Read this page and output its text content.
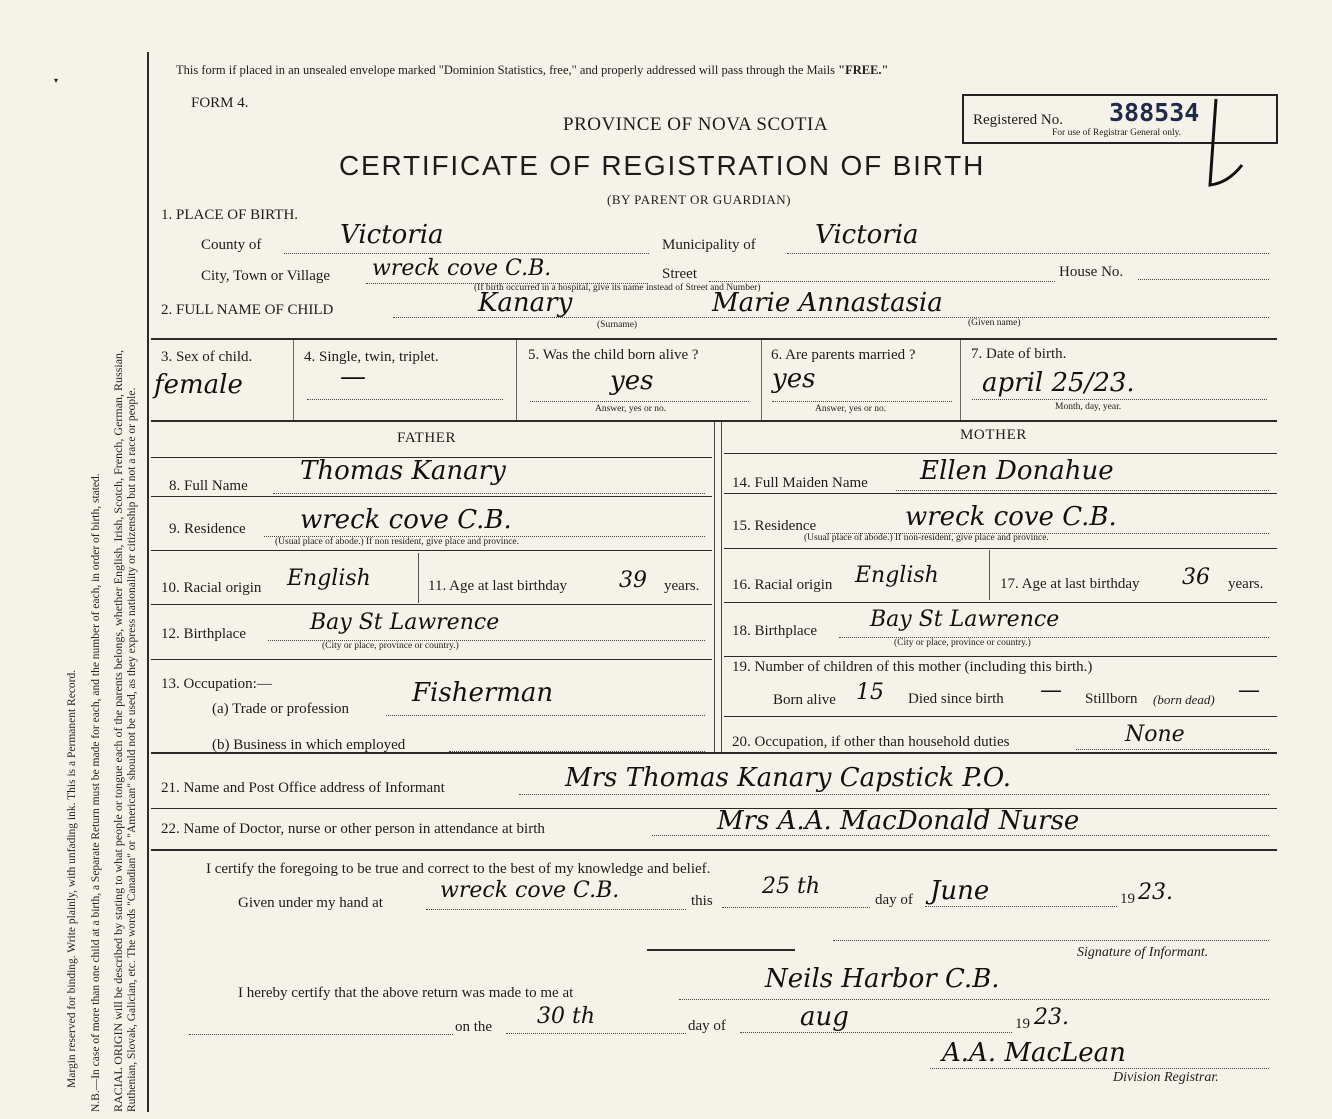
Margin reserved for binding. Write plainly, with unfading ink. This is a Permanent Record. N.B.—In case of more than one child at a birth, a Separate Return must be made for each, and the number of each, in order of birth, stated. RACIAL ORIGIN will be described by stating to what people or tongue each of the parents belongs, whether English, Irish, Scotch, French, German, Russian, Ruthenian, Slovak, Galician, etc. The words "Canadian" or "American" should not be used, as they express nationality or citizenship but not a race or people.
▾
This form if placed in an unsealed envelope marked "Dominion Statistics, free," and properly addressed will pass through the Mails "FREE."
FORM 4.
PROVINCE OF NOVA SCOTIA
CERTIFICATE OF REGISTRATION OF BIRTH
(BY PARENT OR GUARDIAN)
Registered No. 388534
For use of Registrar General only.
1. PLACE OF BIRTH.
County of	Victoria	Municipality of Victoria
City, Town or Village wreck cove C.B.	Street	House No.
(If birth occurred in a hospital, give its name instead of Street and Number)
2. FULL NAME OF CHILD	Kanary	Marie Annastasia
(Surname)	(Given name)
3. Sex of child.
female
4. Single, twin, triplet.
—
5. Was the child born alive ?
yes
Answer, yes or no.
6. Are parents married ?
yes
Answer, yes or no.
7. Date of birth.
april 25/23.
Month, day, year.
FATHER	MOTHER
8. Full Name Thomas Kanary
9. Residence wreck cove C.B.
(Usual place of abode.) If non resident, give place and province.
10. Racial origin English	11. Age at last birthday 39 years.
12. Birthplace	Bay St Lawrence
(City or place, province or country.)
13. Occupation:—
(a) Trade or profession
Fisherman
(b) Business in which employed
14. Full Maiden Name Ellen Donahue
15. Residence	wreck cove C.B.
(Usual place of abode.) If non-resident, give place and province.
16. Racial origin English	17. Age at last birthday 36 years.
18. Birthplace Bay St Lawrence
(City or place, province or country.)
19. Number of children of this mother (including this birth.)
Born alive 15 Died since birth — Stillborn (born dead) —
20. Occupation, if other than household duties	None
21. Name and Post Office address of Informant	Mrs Thomas Kanary Capstick P.O.
22. Name of Doctor, nurse or other person in attendance at birth	Mrs A.A. MacDonald Nurse
I certify the foregoing to be true and correct to the best of my knowledge and belief.
Given under my hand at	wreck cove C.B.	this
25 th
day of June	19 23.
Signature of Informant.
I hereby certify that the above return was made to me at	Neils Harbor C.B.
on the 30 th	day of	aug	19 23.
A.A. MacLean
Division Registrar.
